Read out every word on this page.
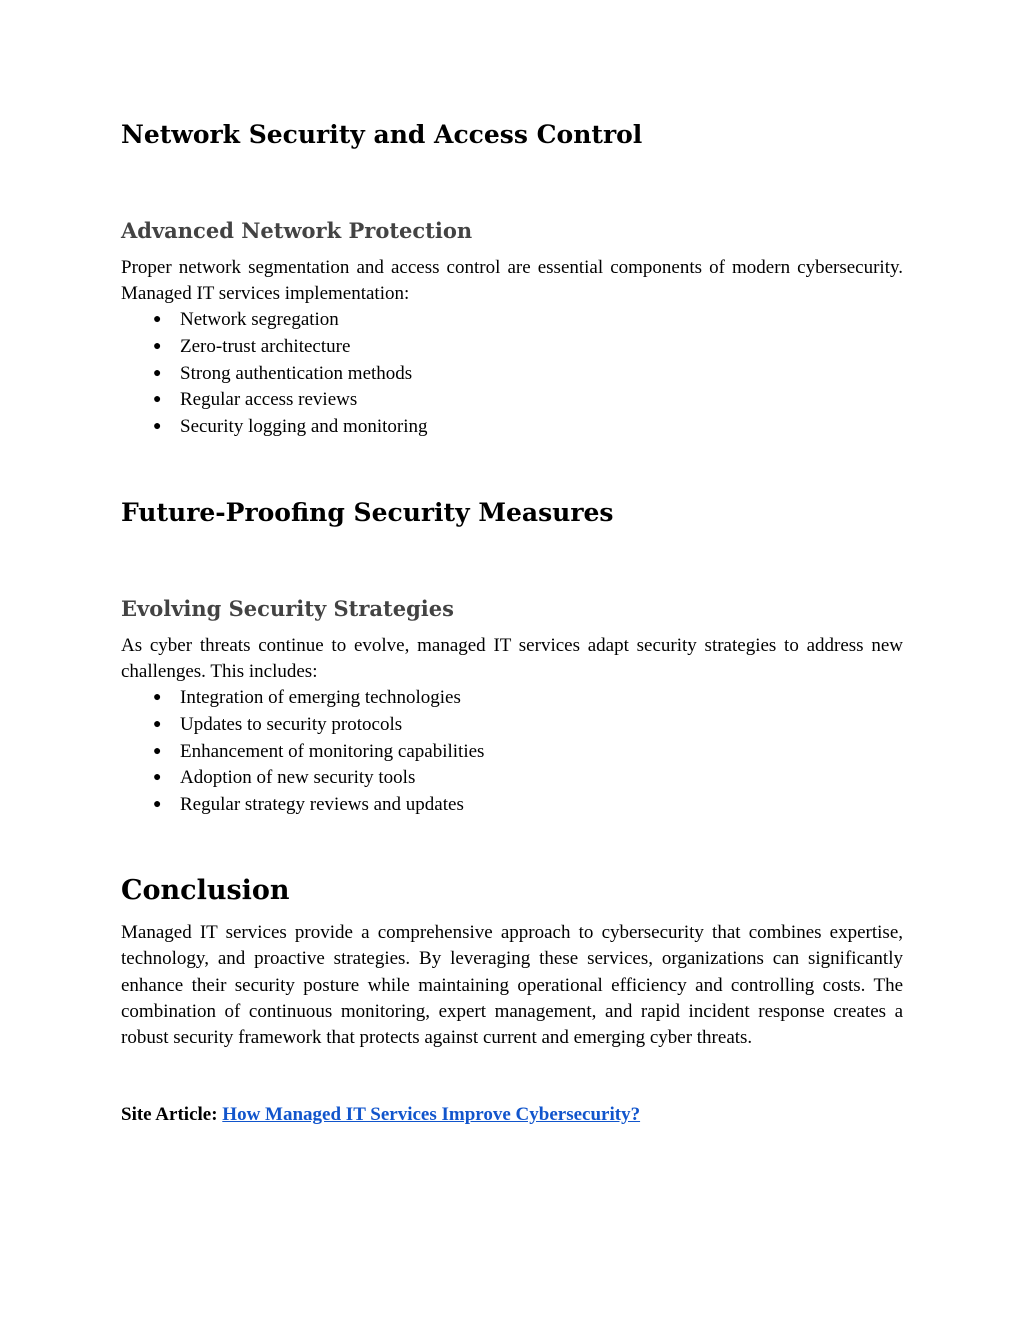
Network Security and Access Control
Advanced Network Protection

Proper network segmentation and access control are essential components of modern cybersecurity. Managed IT services implementation:

● Network segregation
● Zero-trust architecture
● Strong authentication methods
● Regular access reviews
● Security logging and monitoring
Future-Proofing Security Measures
Evolving Security Strategies

As cyber threats continue to evolve, managed IT services adapt security strategies to address new challenges. This includes:

● Integration of emerging technologies
● Updates to security protocols
● Enhancement of monitoring capabilities
● Adoption of new security tools
● Regular strategy reviews and updates
Conclusion

Managed IT services provide a comprehensive approach to cybersecurity that combines expertise, technology, and proactive strategies. By leveraging these services, organizations can significantly enhance their security posture while maintaining operational efficiency and controlling costs. The combination of continuous monitoring, expert management, and rapid incident response creates a robust security framework that protects against current and emerging cyber threats.

Site Article: How Managed IT Services Improve Cybersecurity?
